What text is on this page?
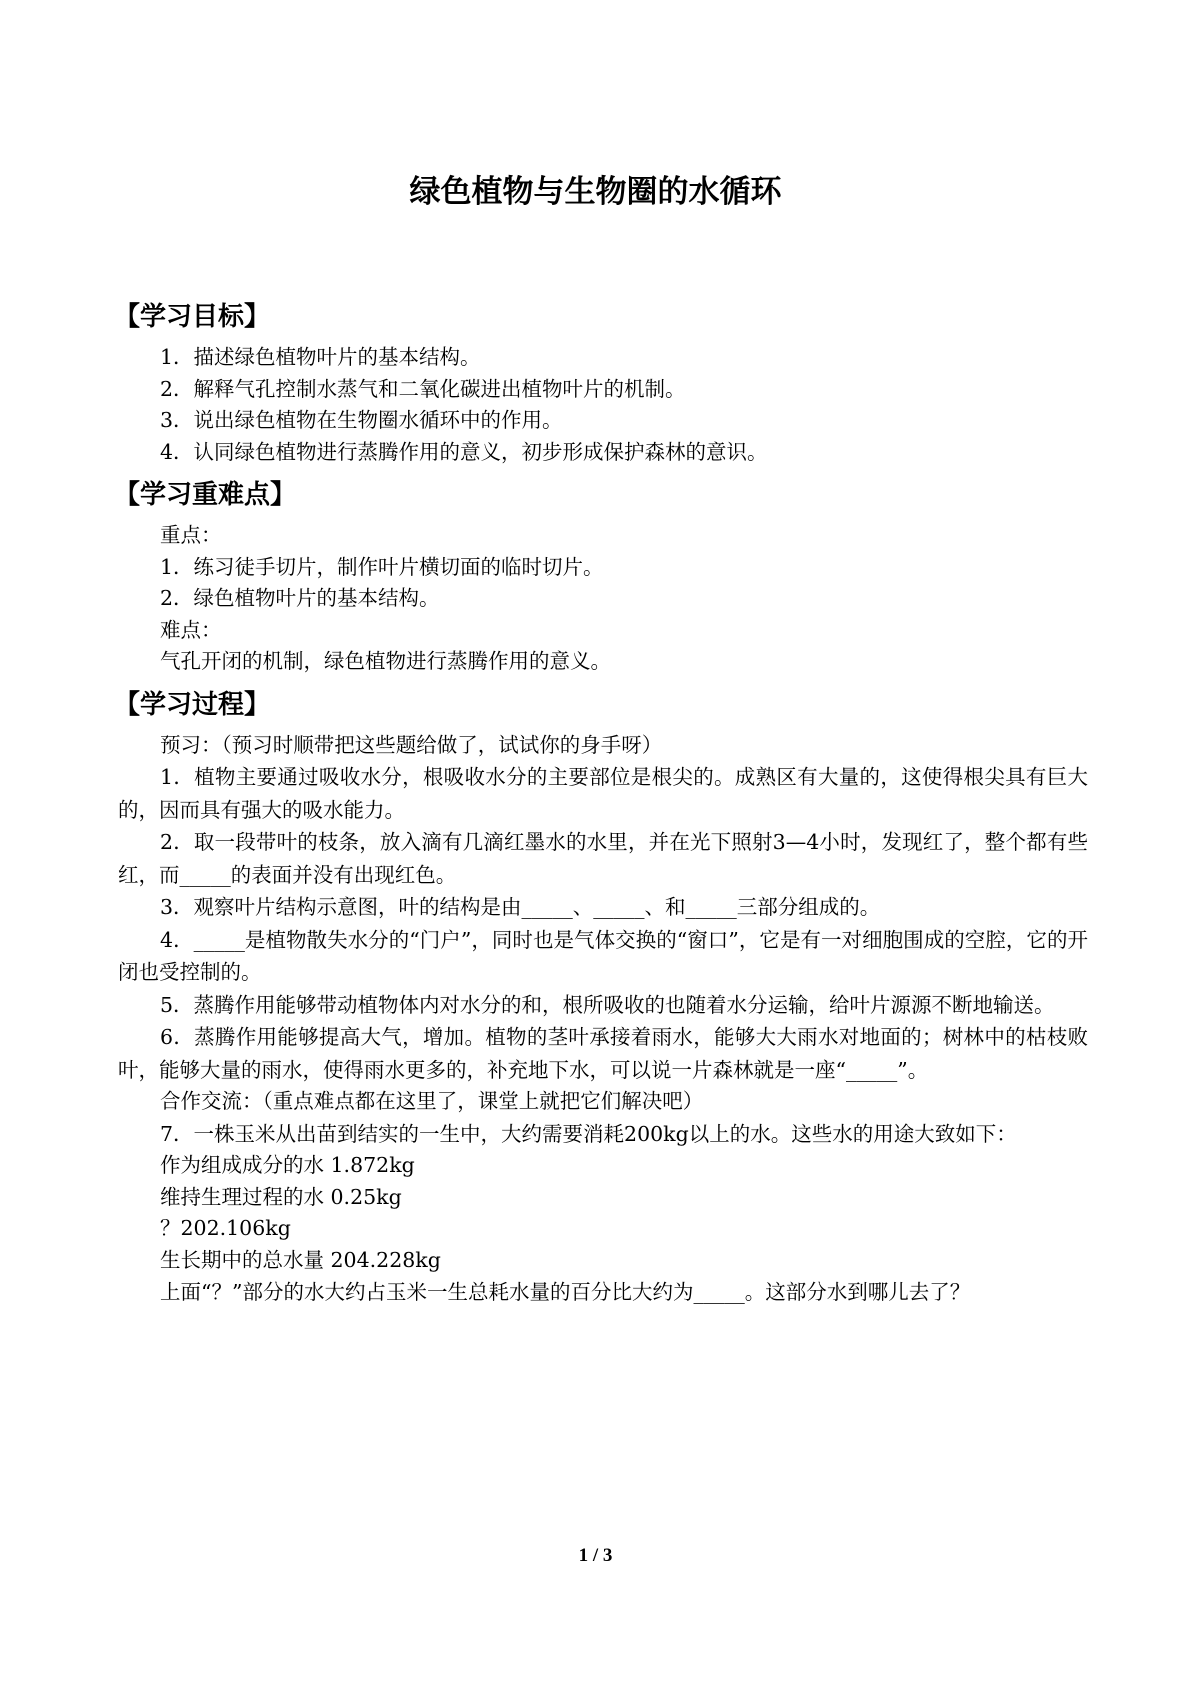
绿色植物与生物圈的水循环
【学习目标】
1．描述绿色植物叶片的基本结构。
2．解释气孔控制水蒸气和二氧化碳进出植物叶片的机制。
3．说出绿色植物在生物圈水循环中的作用。
4．认同绿色植物进行蒸腾作用的意义，初步形成保护森林的意识。
【学习重难点】
重点：
1．练习徒手切片，制作叶片横切面的临时切片。
2．绿色植物叶片的基本结构。
难点：
气孔开闭的机制，绿色植物进行蒸腾作用的意义。
【学习过程】
预习：（预习时顺带把这些题给做了，试试你的身手呀）
1．植物主要通过吸收水分，根吸收水分的主要部位是根尖的。成熟区有大量的，这使得根尖具有巨大的，因而具有强大的吸水能力。
2．取一段带叶的枝条，放入滴有几滴红墨水的水里，并在光下照射3—4小时，发现红了，整个都有些红，而_____的表面并没有出现红色。
3．观察叶片结构示意图，叶的结构是由_____、_____、和_____三部分组成的。
4．_____是植物散失水分的“门户”，同时也是气体交换的“窗口”，它是有一对细胞围成的空腔，它的开闭也受控制的。
5．蒸腾作用能够带动植物体内对水分的和，根所吸收的也随着水分运输，给叶片源源不断地输送。
6．蒸腾作用能够提高大气，增加。植物的茎叶承接着雨水，能够大大雨水对地面的；树林中的枯枝败叶，能够大量的雨水，使得雨水更多的，补充地下水，可以说一片森林就是一座“_____”。
合作交流：（重点难点都在这里了，课堂上就把它们解决吧）
7．一株玉米从出苗到结实的一生中，大约需要消耗200kg以上的水。这些水的用途大致如下：
作为组成成分的水 1.872kg
维持生理过程的水 0.25kg
？202.106kg
生长期中的总水量 204.228kg
上面“？”部分的水大约占玉米一生总耗水量的百分比大约为_____。这部分水到哪儿去了？
1 / 3
